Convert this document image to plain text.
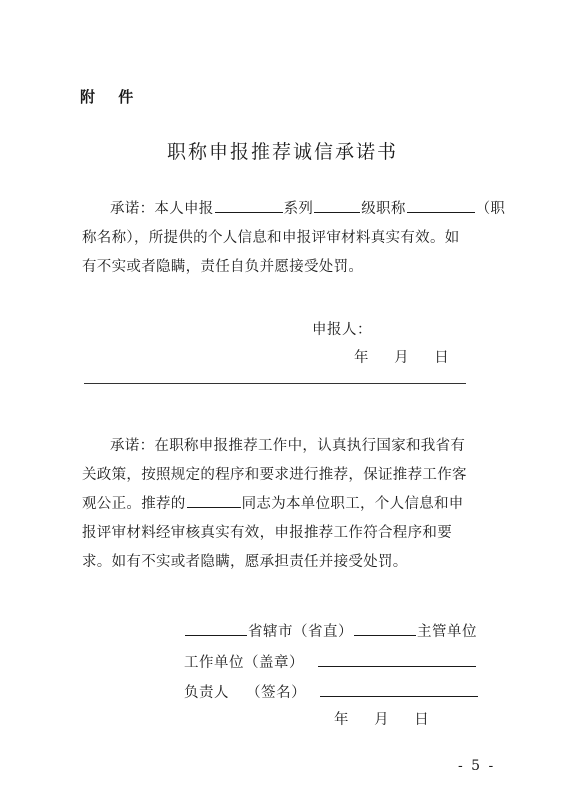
附 件
职称申报推荐诚信承诺书
承诺：本人申报	系列	级职称	（职
称名称），所提供的个人信息和申报评审材料真实有效。如
有不实或者隐瞒，责任自负并愿接受处罚。
申报人：
年 月 日
承诺：在职称申报推荐工作中，认真执行国家和我省有
关政策，按照规定的程序和要求进行推荐，保证推荐工作客
观公正。推荐的	同志为本单位职工，个人信息和申
报评审材料经审核真实有效，申报推荐工作符合程序和要
求。如有不实或者隐瞒，愿承担责任并接受处罚。
省辖市（省直）	主管单位
工作单位（盖章）
负责人 （签名）
年 月 日
- 5 -
